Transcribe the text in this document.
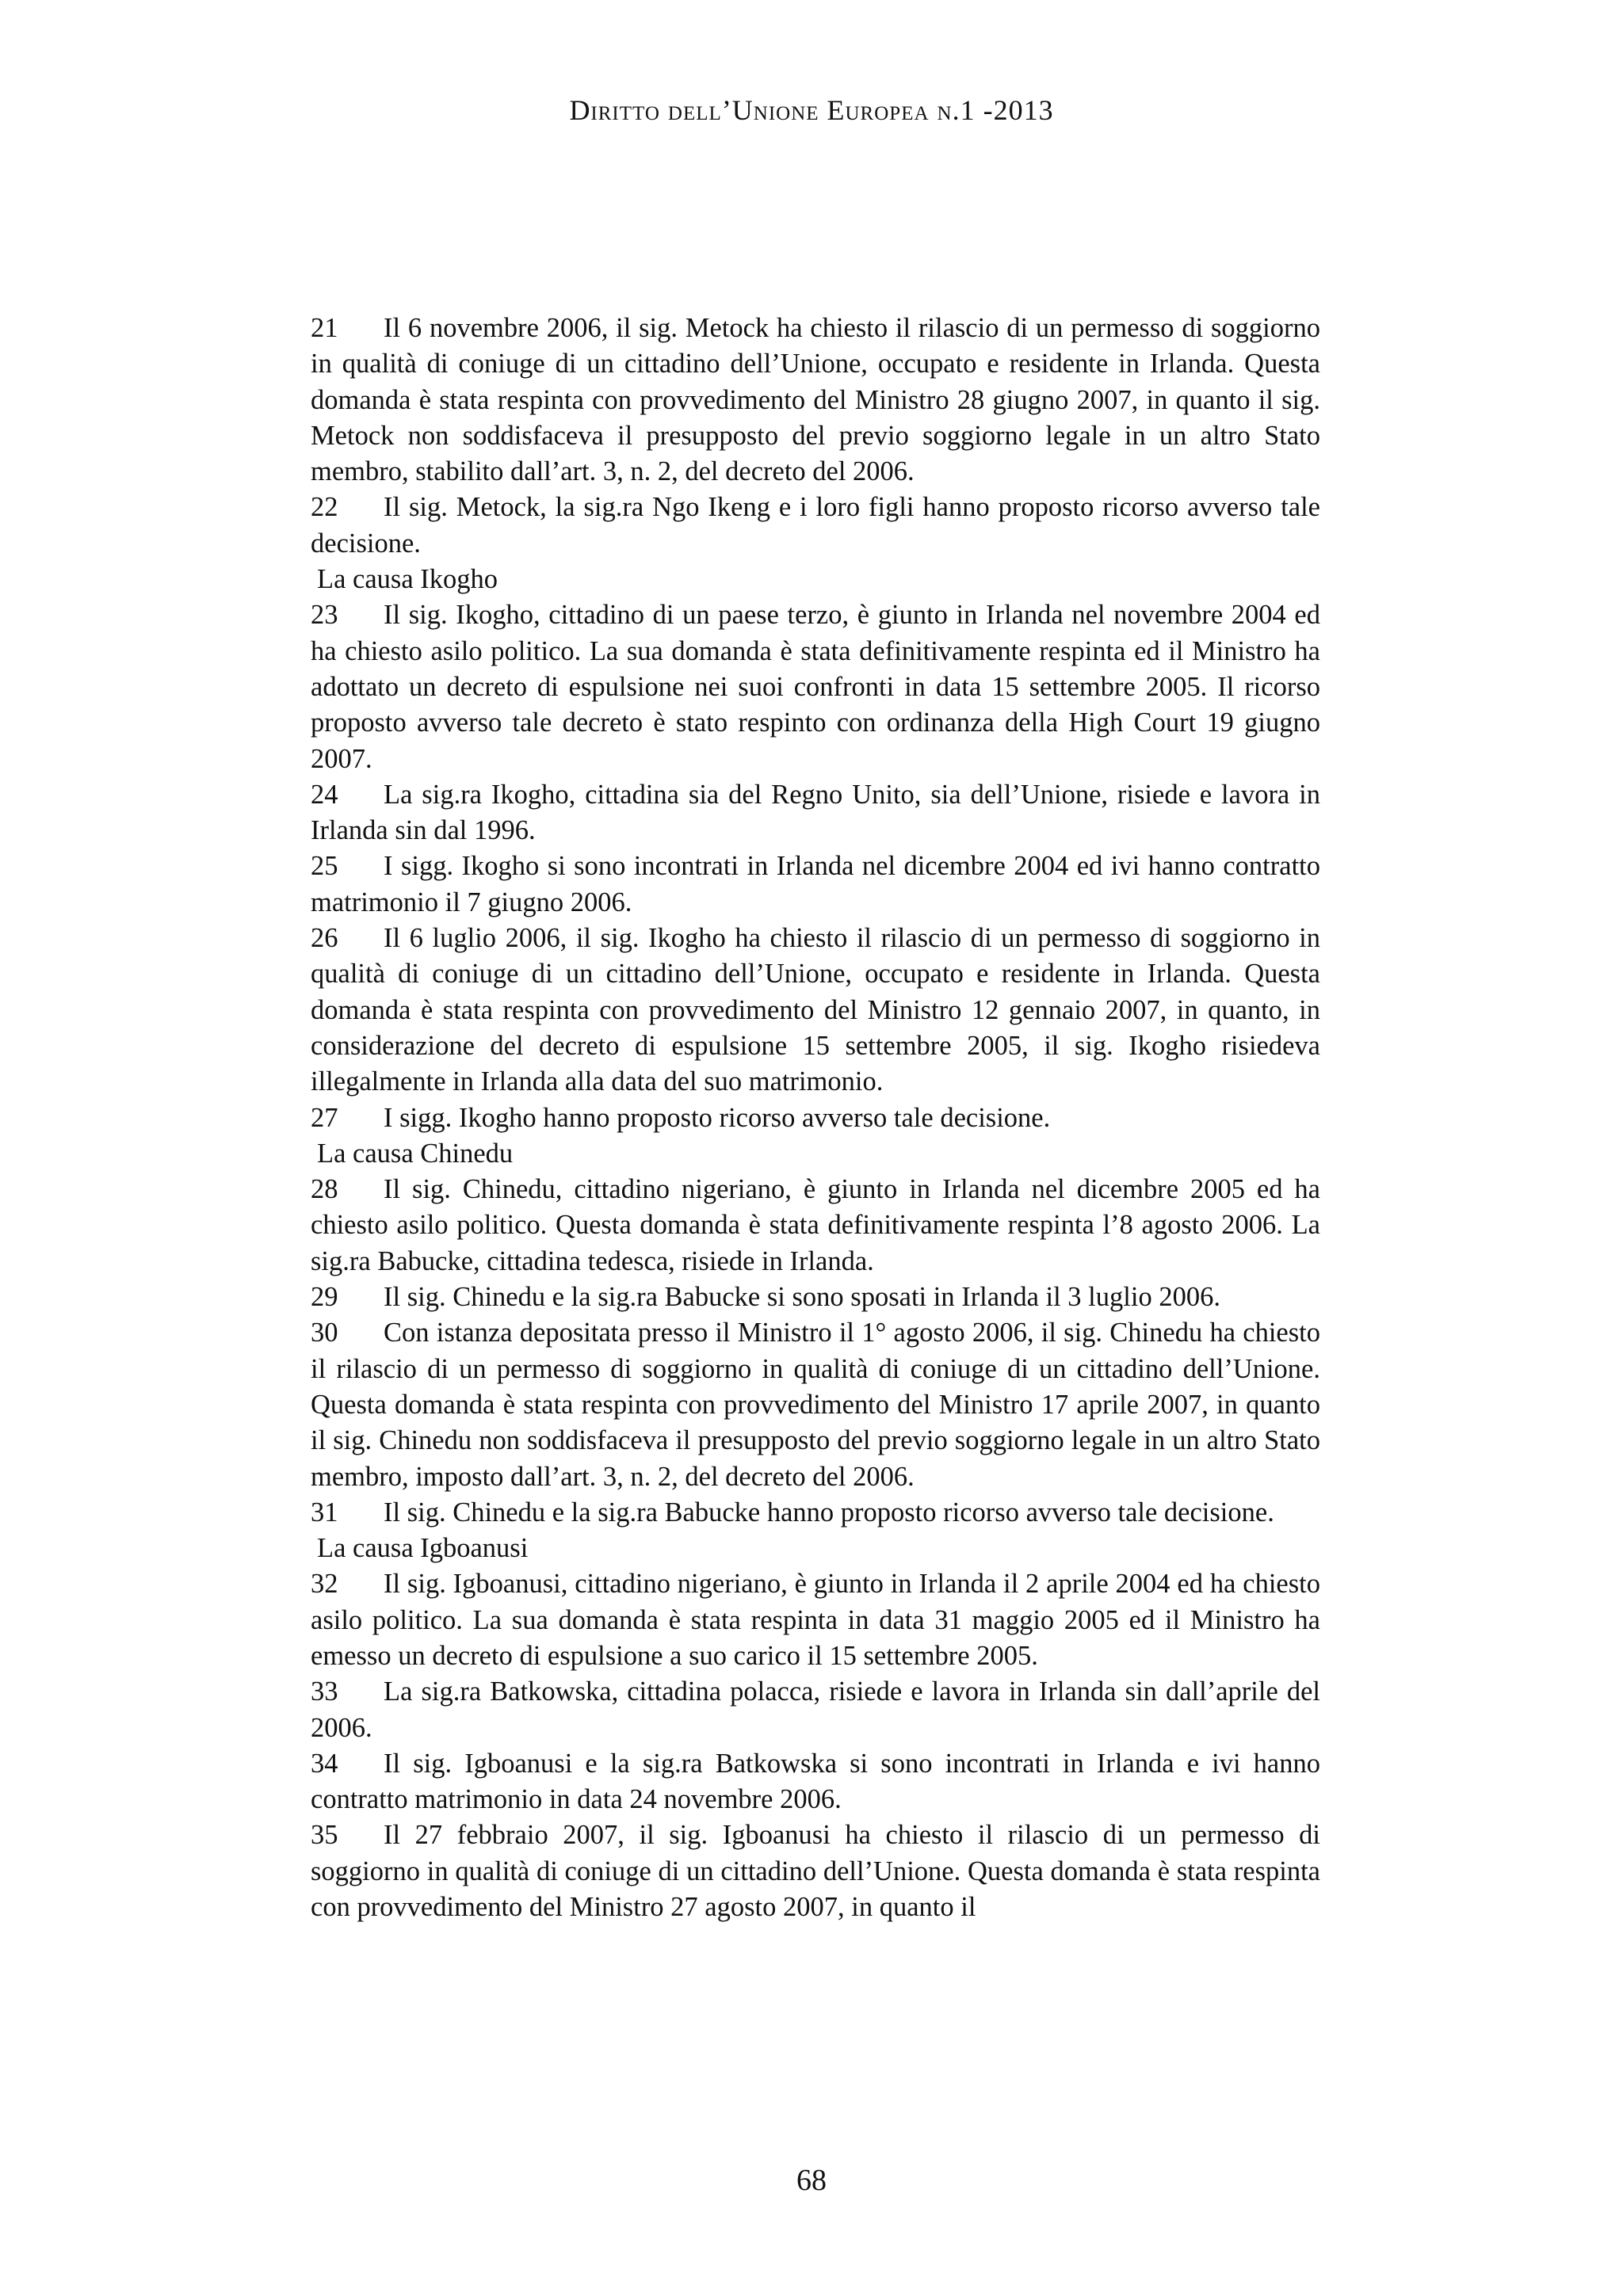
Diritto dell’Unione Europea n.1 -2013

21 Il 6 novembre 2006, il sig. Metock ha chiesto il rilascio di un permesso di soggiorno in qualità di coniuge di un cittadino dell’Unione, occupato e residente in Irlanda. Questa domanda è stata respinta con provvedimento del Ministro 28 giugno 2007, in quanto il sig. Metock non soddisfaceva il presupposto del previo soggiorno legale in un altro Stato membro, stabilito dall’art. 3, n. 2, del decreto del 2006.

22 Il sig. Metock, la sig.ra Ngo Ikeng e i loro figli hanno proposto ricorso avverso tale decisione.

La causa Ikogho

23 Il sig. Ikogho, cittadino di un paese terzo, è giunto in Irlanda nel novembre 2004 ed ha chiesto asilo politico. La sua domanda è stata definitivamente respinta ed il Ministro ha adottato un decreto di espulsione nei suoi confronti in data 15 settembre 2005. Il ricorso proposto avverso tale decreto è stato respinto con ordinanza della High Court 19 giugno 2007.

24 La sig.ra Ikogho, cittadina sia del Regno Unito, sia dell’Unione, risiede e lavora in Irlanda sin dal 1996.

25 I sigg. Ikogho si sono incontrati in Irlanda nel dicembre 2004 ed ivi hanno contratto matrimonio il 7 giugno 2006.

26 Il 6 luglio 2006, il sig. Ikogho ha chiesto il rilascio di un permesso di soggiorno in qualità di coniuge di un cittadino dell’Unione, occupato e residente in Irlanda. Questa domanda è stata respinta con provvedimento del Ministro 12 gennaio 2007, in quanto, in considerazione del decreto di espulsione 15 settembre 2005, il sig. Ikogho risiedeva illegalmente in Irlanda alla data del suo matrimonio.

27 I sigg. Ikogho hanno proposto ricorso avverso tale decisione.

La causa Chinedu

28 Il sig. Chinedu, cittadino nigeriano, è giunto in Irlanda nel dicembre 2005 ed ha chiesto asilo politico. Questa domanda è stata definitivamente respinta l’8 agosto 2006. La sig.ra Babucke, cittadina tedesca, risiede in Irlanda.

29 Il sig. Chinedu e la sig.ra Babucke si sono sposati in Irlanda il 3 luglio 2006.

30 Con istanza depositata presso il Ministro il 1° agosto 2006, il sig. Chinedu ha chiesto il rilascio di un permesso di soggiorno in qualità di coniuge di un cittadino dell’Unione. Questa domanda è stata respinta con provvedimento del Ministro 17 aprile 2007, in quanto il sig. Chinedu non soddisfaceva il presupposto del previo soggiorno legale in un altro Stato membro, imposto dall’art. 3, n. 2, del decreto del 2006.

31 Il sig. Chinedu e la sig.ra Babucke hanno proposto ricorso avverso tale decisione.

La causa Igboanusi

32 Il sig. Igboanusi, cittadino nigeriano, è giunto in Irlanda il 2 aprile 2004 ed ha chiesto asilo politico. La sua domanda è stata respinta in data 31 maggio 2005 ed il Ministro ha emesso un decreto di espulsione a suo carico il 15 settembre 2005.

33 La sig.ra Batkowska, cittadina polacca, risiede e lavora in Irlanda sin dall’aprile del 2006.

34 Il sig. Igboanusi e la sig.ra Batkowska si sono incontrati in Irlanda e ivi hanno contratto matrimonio in data 24 novembre 2006.

35 Il 27 febbraio 2007, il sig. Igboanusi ha chiesto il rilascio di un permesso di soggiorno in qualità di coniuge di un cittadino dell’Unione. Questa domanda è stata respinta con provvedimento del Ministro 27 agosto 2007, in quanto il

68
